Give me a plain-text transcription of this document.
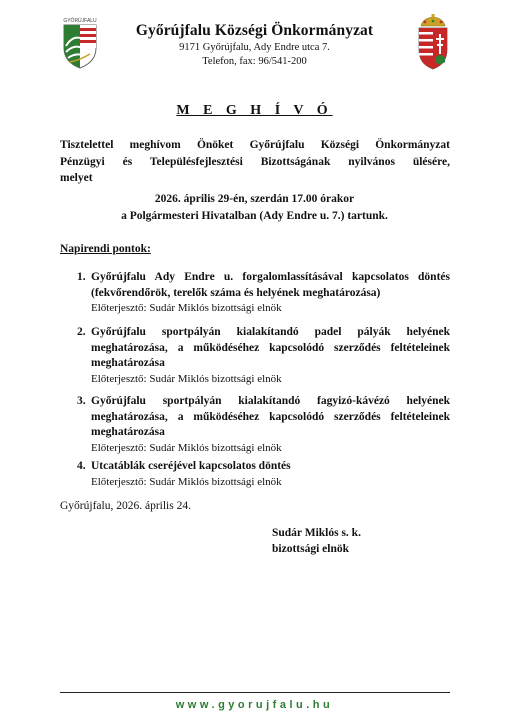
GYŐRÚJFALU
Győrújfalu Községi Önkormányzat
9171 Győrújfalu, Ady Endre utca 7.
Telefon, fax: 96/541-200
M E G H Í V Ó
Tisztelettel meghívom Önöket Győrújfalu Községi Önkormányzat
Pénzügyi és Településfejlesztési Bizottságának nyilvános ülésére,
melyet
2026. április 29-én, szerdán 17.00 órakor
a Polgármesteri Hivatalban (Ady Endre u. 7.) tartunk.
Napirendi pontok:
1. Győrújfalu Ady Endre u. forgalomlassításával kapcsolatos döntés
(fekvőrendőrök, terelők száma és helyének meghatározása)
Előterjesztő: Sudár Miklós bizottsági elnök
2. Győrújfalu sportpályán kialakítandó padel pályák helyének
meghatározása, a működéséhez kapcsolódó szerződés feltételeinek
meghatározása
Előterjesztő: Sudár Miklós bizottsági elnök
3. Győrújfalu sportpályán kialakítandó fagyizó-kávézó helyének
meghatározása, a működéséhez kapcsolódó szerződés feltételeinek
meghatározása
Előterjesztő: Sudár Miklós bizottsági elnök
4. Utcatáblák cseréjével kapcsolatos döntés
Előterjesztő: Sudár Miklós bizottsági elnök
Győrújfalu, 2026. április 24.
Sudár Miklós s. k.
bizottsági elnök
www.gyorujfalu.hu
